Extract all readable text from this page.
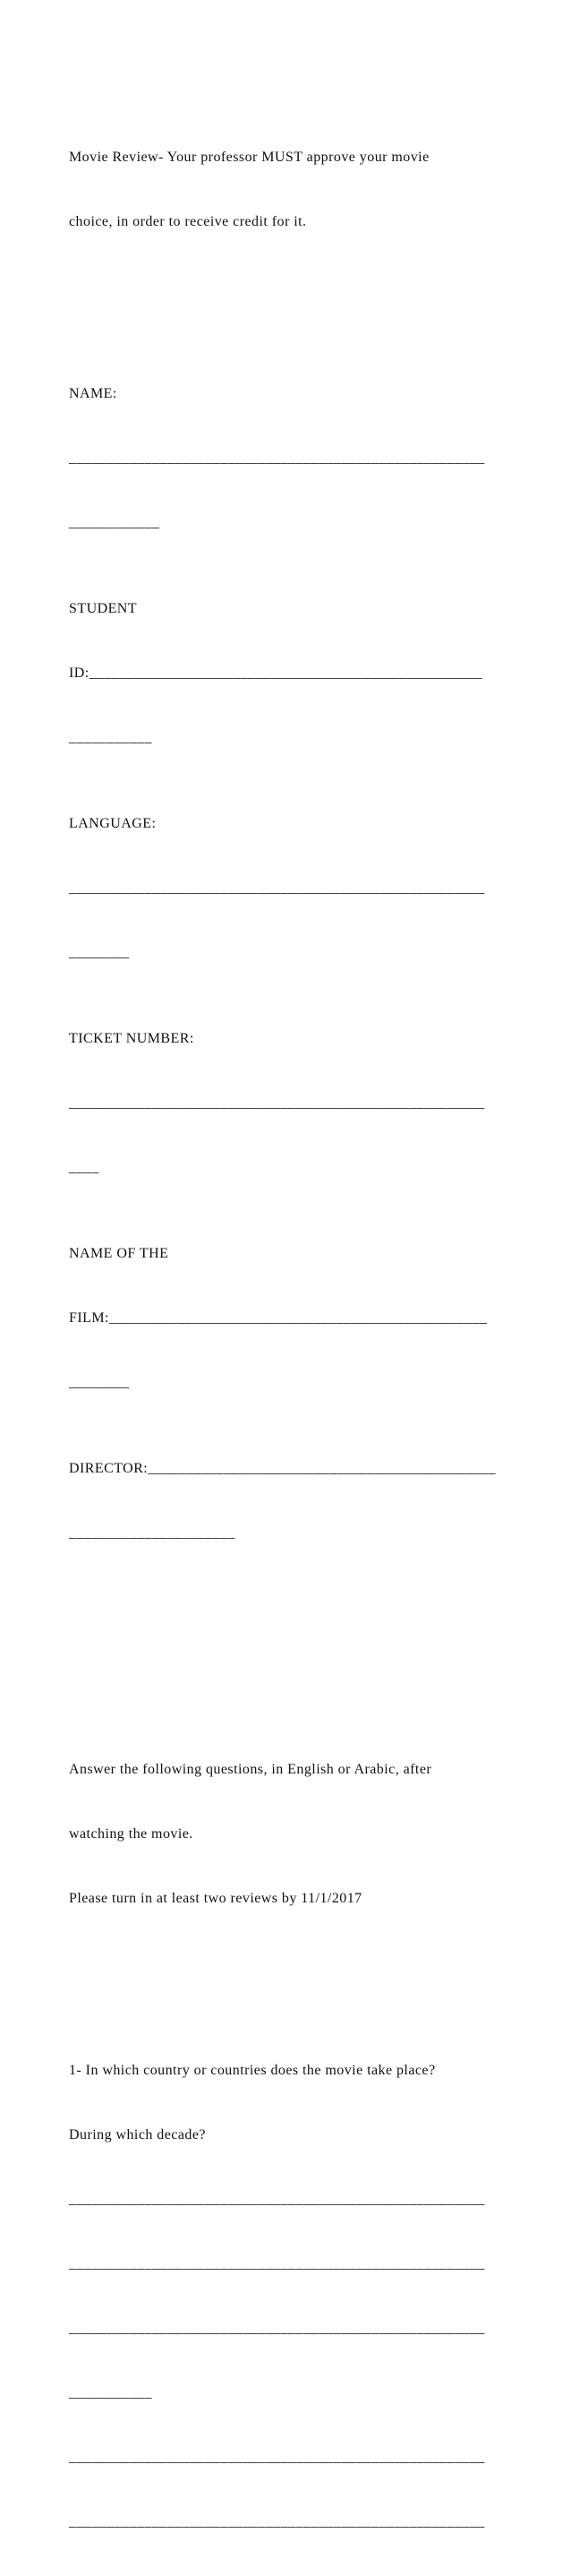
Movie Review- Your professor MUST approve your movie

choice, in order to receive credit for it.

NAME:

_______________________________________________________

____________

STUDENT

ID:____________________________________________________

___________

LANGUAGE:

_______________________________________________________

________

TICKET NUMBER:

_______________________________________________________

____

NAME OF THE

FILM:__________________________________________________

________

DIRECTOR:______________________________________________

______________________

Answer the following questions, in English or Arabic, after

watching the movie.

Please turn in at least two reviews by 11/1/2017

1- In which country or countries does the movie take place?

During which decade?

_______________________________________________________

_______________________________________________________

_______________________________________________________

___________

_______________________________________________________

_______________________________________________________
